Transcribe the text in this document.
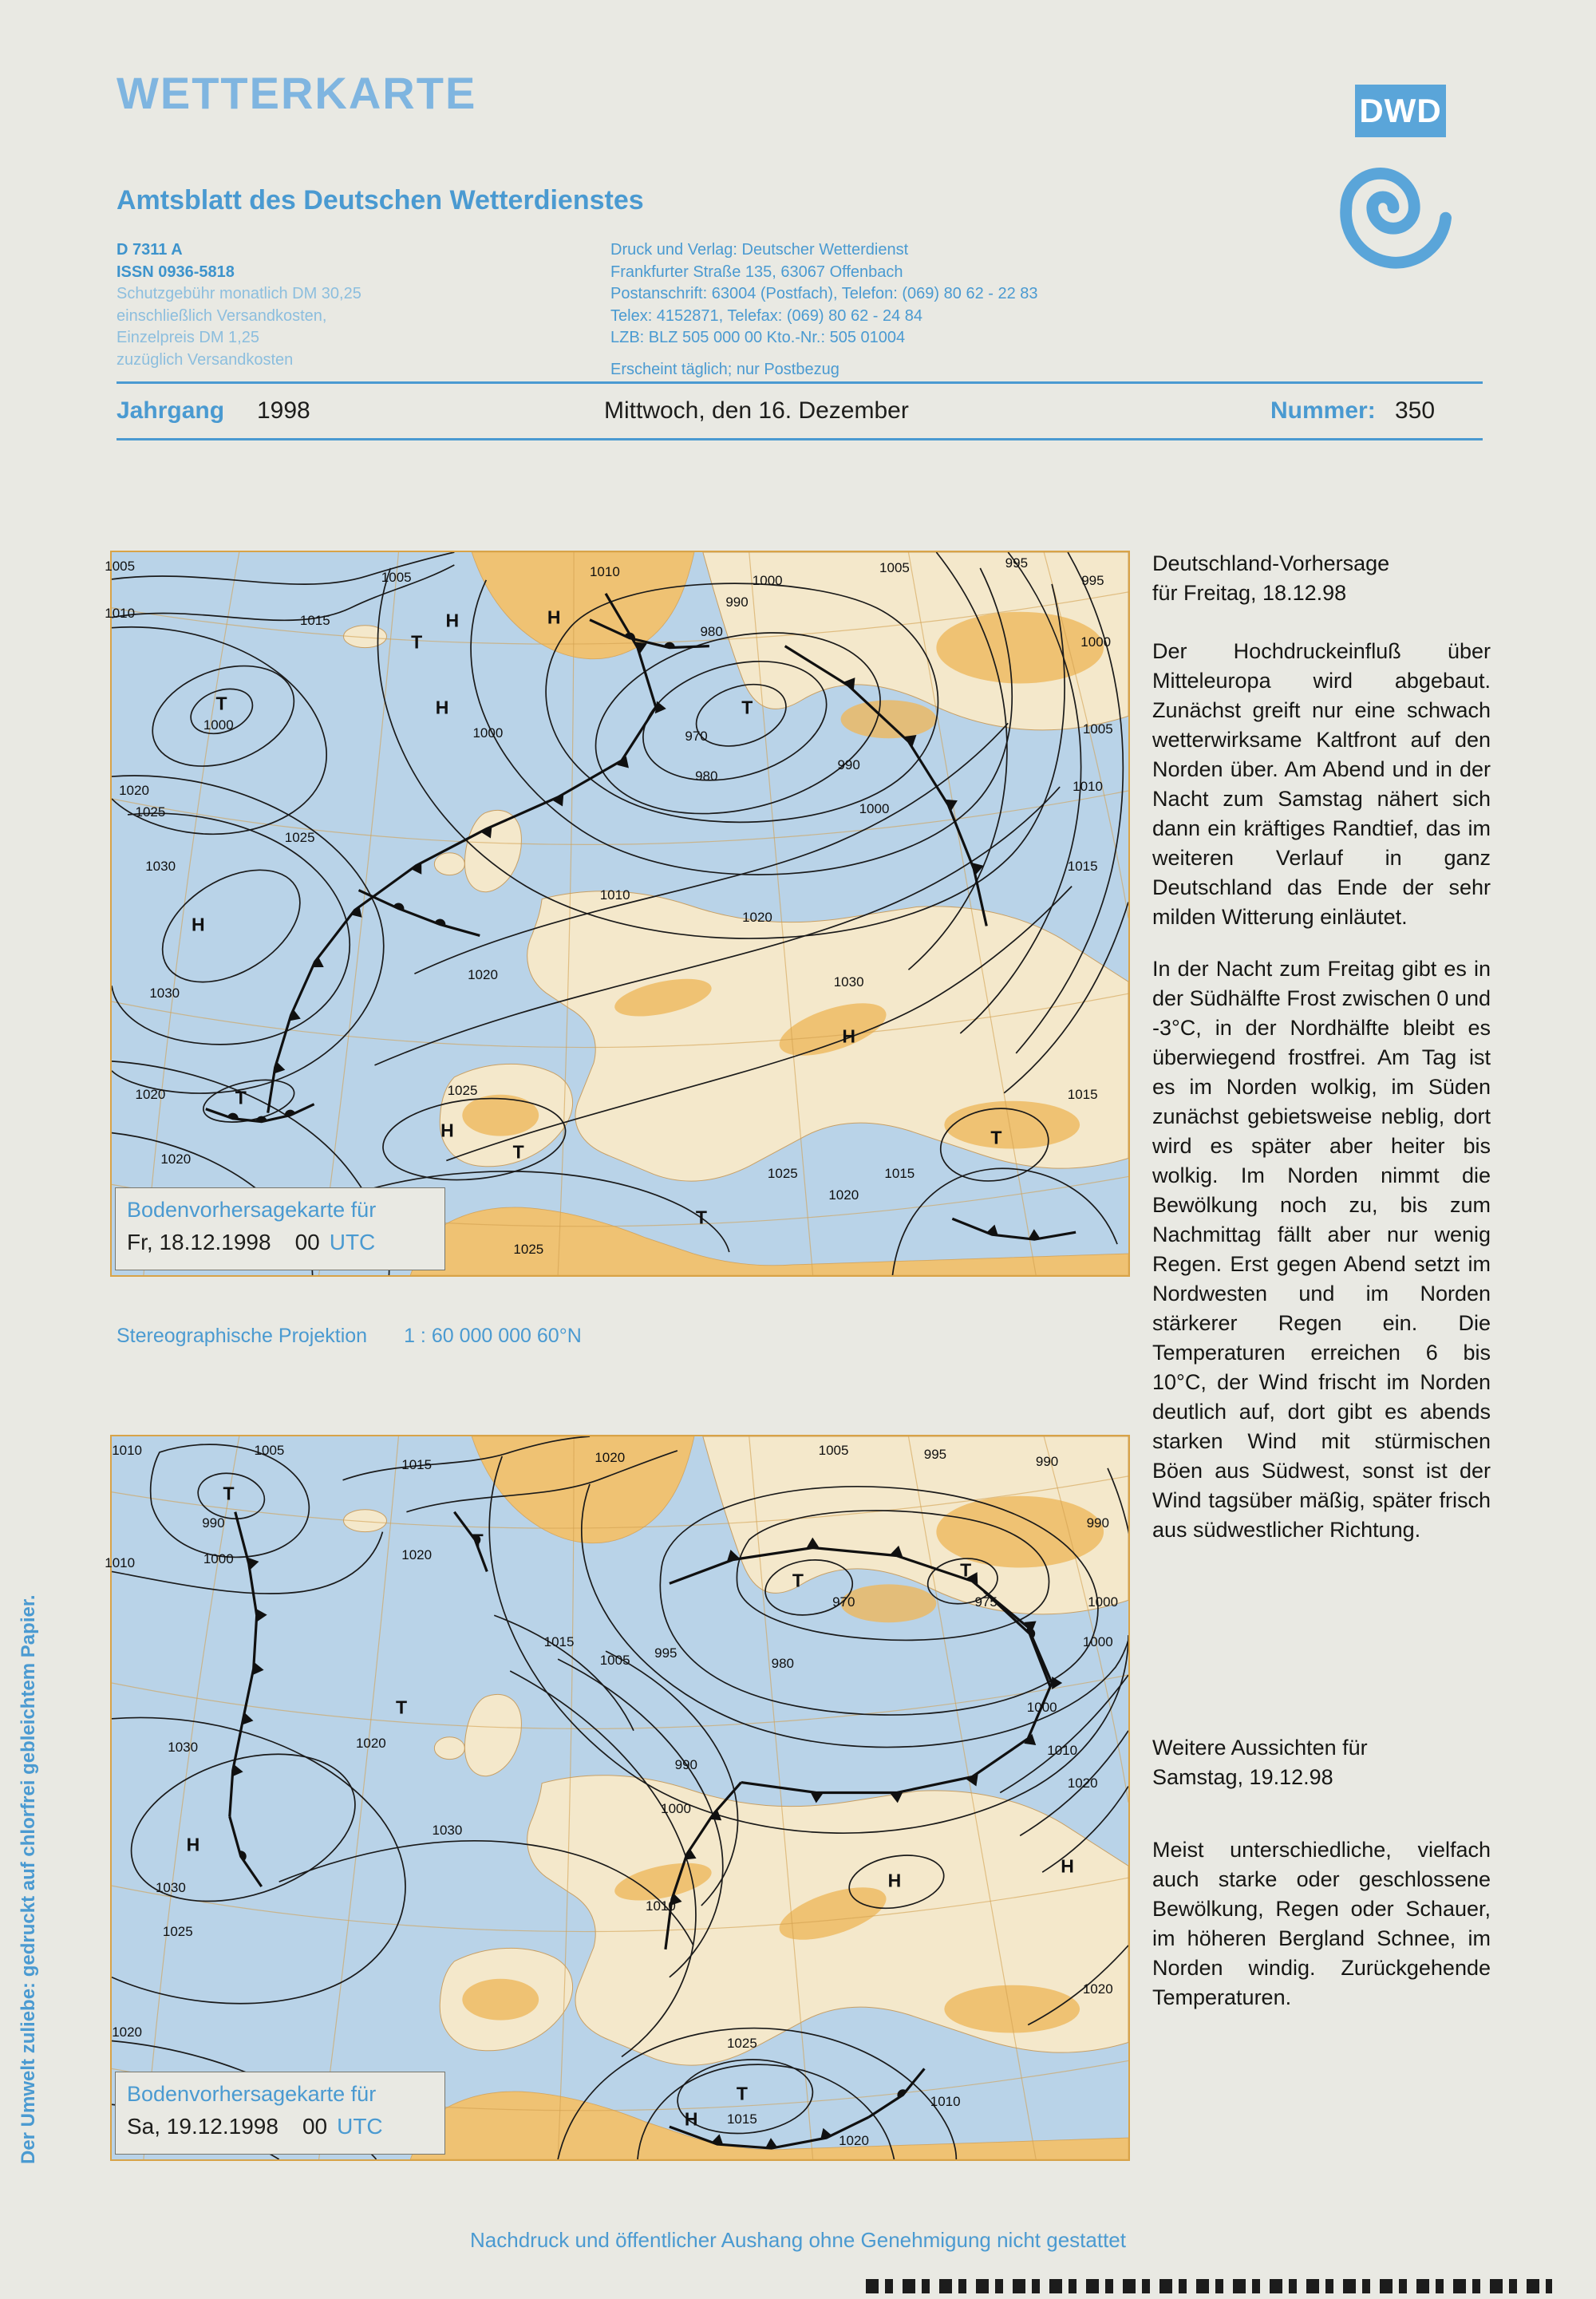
WETTERKARTE
Amtsblatt des Deutschen Wetterdienstes
D 7311 A
ISSN 0936-5818
Schutzgebühr monatlich DM 30,25
einschließlich Versandkosten,
Einzelpreis DM 1,25
zuzüglich Versandkosten
Druck und Verlag: Deutscher Wetterdienst
Frankfurter Straße 135, 63067 Offenbach
Postanschrift: 63004 (Postfach), Telefon: (069) 80 62 - 22 83
Telex: 4152871, Telefax: (069) 80 62 - 24 84
LZB: BLZ 505 000 00 Kto.-Nr.: 505 01004
Erscheint täglich; nur Postbezug
DWD
Jahrgang 1998	Mittwoch, den 16. Dezember	Nummer: 350
1005
1010	1015
1005	1010
1000
990
980
1005	995
995
1000
1005
1010
1015
1000	1000	970
980
990
1000
1020
1025
1025
1030
1030
1020
1020
1010
1020
1030
1020
1025
1025
1020
1015
1015
1025
T
H
T
H
H	T
H
T
H
T
H
T
T
Bodenvorhersagekarte für
Fr, 18.12.1998 00 UTC
Stereographische Projektion 1 : 60 000 000 60°N
1010	1005
1015	1020	1005	995	990
990
1010	1000	1020
990
1000
970	975
1015
995
1005	980
1000
1030	1020
990
1000
1010
1000
1020
1030
1030
1010
1025
1020
1020
1025
1010
1015
1020
T
T
T
T
T
H
H
H
T
H
Bodenvorhersagekarte für
Sa, 19.12.1998 00 UTC
Deutschland-Vorhersage
für Freitag, 18.12.98

Der Hochdruckeinfluß über Mitteleuropa wird abgebaut. Zunächst greift nur eine schwach wetterwirksame Kaltfront auf den Norden über. Am Abend und in der Nacht zum Samstag nähert sich dann ein kräftiges Randtief, das im weiteren Verlauf in ganz Deutschland das Ende der sehr milden Witterung einläutet.

In der Nacht zum Freitag gibt es in der Südhälfte Frost zwischen 0 und -3°C, in der Nordhälfte bleibt es überwiegend frostfrei. Am Tag ist es im Norden wolkig, im Süden zunächst gebietsweise neblig, dort wird es später aber heiter bis wolkig. Im Norden nimmt die Bewölkung noch zu, bis zum Nachmittag fällt aber nur wenig Regen. Erst gegen Abend setzt im Nordwesten und im Norden stärkerer Regen ein. Die Temperaturen erreichen 6 bis 10°C, der Wind frischt im Norden deutlich auf, dort gibt es abends starken Wind mit stürmischen Böen aus Südwest, sonst ist der Wind tagsüber mäßig, später frisch aus südwestlicher Richtung.

Weitere Aussichten für
Samstag, 19.12.98

Meist unterschiedliche, vielfach auch starke oder geschlossene Bewölkung, Regen oder Schauer, im höheren Bergland Schnee, im Norden windig. Zurückgehende Temperaturen.

Nachdruck und öffentlicher Aushang ohne Genehmigung nicht gestattet
Der Umwelt zuliebe: gedruckt auf chlorfrei gebleichtem Papier.
